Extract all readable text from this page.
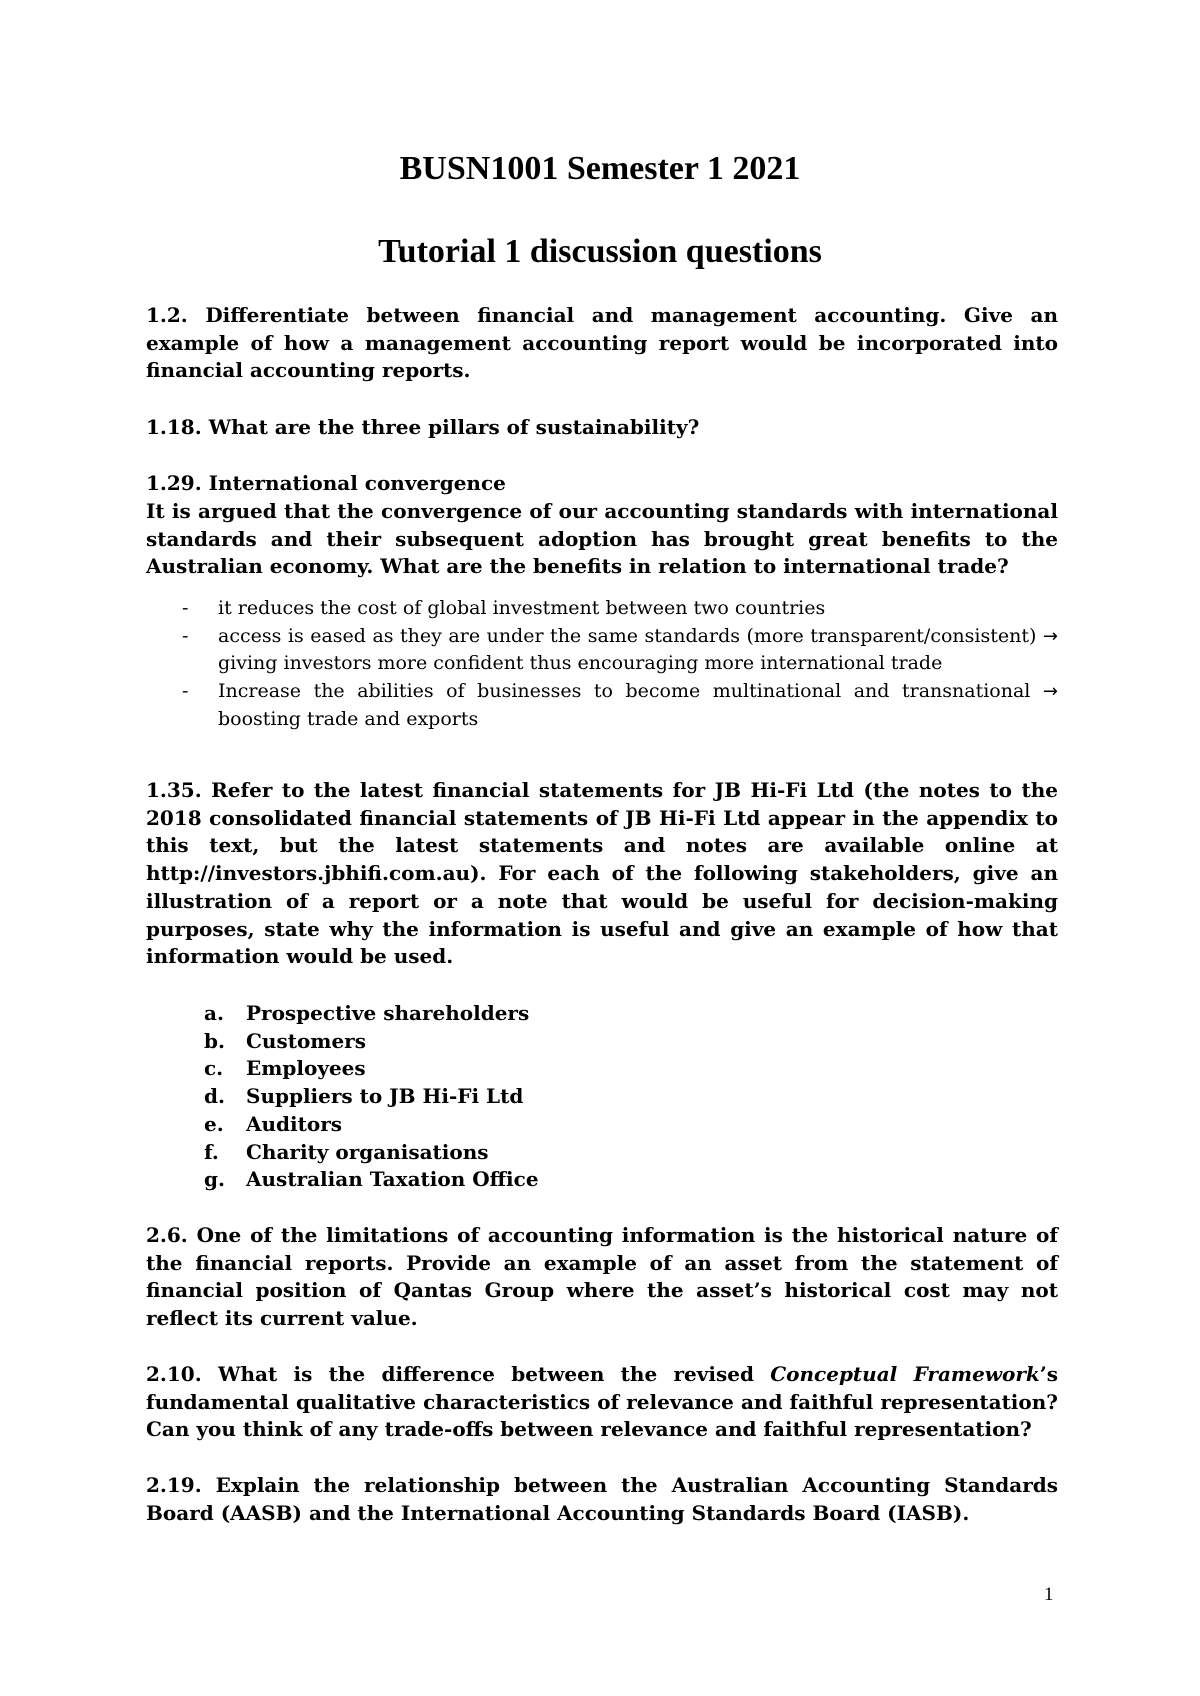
BUSN1001 Semester 1 2021
Tutorial 1 discussion questions

1.2. Differentiate between financial and management accounting. Give an example of how a management accounting report would be incorporated into financial accounting reports.

1.18. What are the three pillars of sustainability?

1.29. International convergence

It is argued that the convergence of our accounting standards with international standards and their subsequent adoption has brought great benefits to the Australian economy. What are the benefits in relation to international trade?

- it reduces the cost of global investment between two countries
- access is eased as they are under the same standards (more transparent/consistent) → giving investors more confident thus encouraging more international trade
- Increase the abilities of businesses to become multinational and transnational → boosting trade and exports

1.35. Refer to the latest financial statements for JB Hi-Fi Ltd (the notes to the 2018 consolidated financial statements of JB Hi-Fi Ltd appear in the appendix to this text, but the latest statements and notes are available online at http://investors.jbhifi.com.au). For each of the following stakeholders, give an illustration of a report or a note that would be useful for decision-making purposes, state why the information is useful and give an example of how that information would be used.

a. Prospective shareholders
b. Customers
c. Employees
d. Suppliers to JB Hi-Fi Ltd
e. Auditors
f. Charity organisations
g. Australian Taxation Office

2.6. One of the limitations of accounting information is the historical nature of the financial reports. Provide an example of an asset from the statement of financial position of Qantas Group where the asset’s historical cost may not reflect its current value.

2.10. What is the difference between the revised Conceptual Framework’s fundamental qualitative characteristics of relevance and faithful representation? Can you think of any trade-offs between relevance and faithful representation?

2.19. Explain the relationship between the Australian Accounting Standards Board (AASB) and the International Accounting Standards Board (IASB).

1
